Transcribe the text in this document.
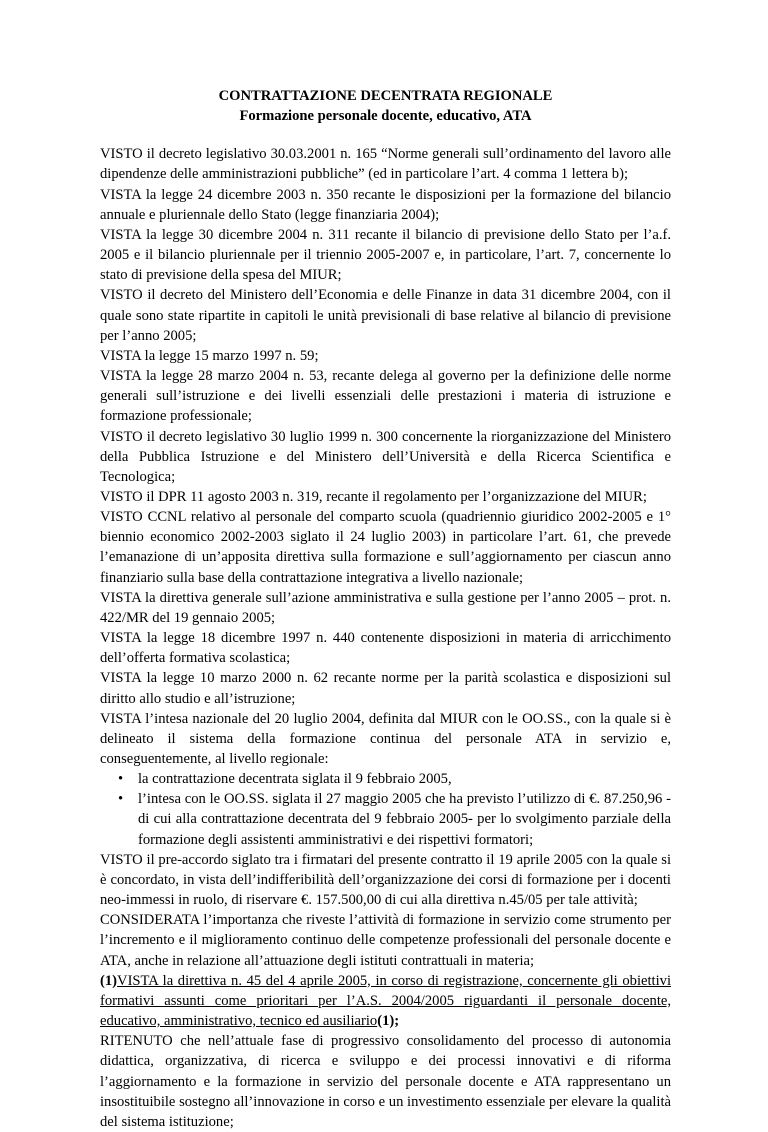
CONTRATTAZIONE DECENTRATA REGIONALE
Formazione personale docente, educativo, ATA

VISTO il decreto legislativo 30.03.2001 n. 165 “Norme generali sull’ordinamento del lavoro alle dipendenze delle amministrazioni pubbliche” (ed in particolare l’art. 4 comma 1 lettera b);

VISTA la legge 24 dicembre 2003 n. 350 recante le disposizioni per la formazione del bilancio annuale e pluriennale dello Stato (legge finanziaria 2004);

VISTA la legge 30 dicembre 2004 n. 311 recante il bilancio di previsione dello Stato per l’a.f. 2005 e il bilancio pluriennale per il triennio 2005-2007 e, in particolare, l’art. 7, concernente lo stato di previsione della spesa del MIUR;

VISTO il decreto del Ministero dell’Economia e delle Finanze in data 31 dicembre 2004, con il quale sono state ripartite in capitoli le unità previsionali di base relative al bilancio di previsione per l’anno 2005;

VISTA la legge 15 marzo 1997 n. 59;

VISTA la legge 28 marzo 2004 n. 53, recante delega al governo per la definizione delle norme generali sull’istruzione e dei livelli essenziali delle prestazioni i materia di istruzione e formazione professionale;

VISTO il decreto legislativo 30 luglio 1999 n. 300 concernente la riorganizzazione del Ministero della Pubblica Istruzione e del Ministero dell’Università e della Ricerca Scientifica e Tecnologica;

VISTO il DPR 11 agosto 2003 n. 319, recante il regolamento per l’organizzazione del MIUR;

VISTO CCNL relativo al personale del comparto scuola (quadriennio giuridico 2002-2005 e 1° biennio economico 2002-2003 siglato il 24 luglio 2003) in particolare l’art. 61, che prevede l’emanazione di un’apposita direttiva sulla formazione e sull’aggiornamento per ciascun anno finanziario sulla base della contrattazione integrativa a livello nazionale;

VISTA la direttiva generale sull’azione amministrativa e sulla gestione per l’anno 2005 – prot. n. 422/MR del 19 gennaio 2005;

VISTA la legge 18 dicembre 1997 n. 440 contenente disposizioni in materia di arricchimento dell’offerta formativa scolastica;

VISTA la legge 10 marzo 2000 n. 62 recante norme per la parità scolastica e disposizioni sul diritto allo studio e all’istruzione;

VISTA l’intesa nazionale del 20 luglio 2004, definita dal MIUR con le OO.SS., con la quale si è delineato il sistema della formazione continua del personale ATA in servizio e, conseguentemente, al livello regionale:

• la contrattazione decentrata siglata il 9 febbraio 2005,
• l’intesa con le OO.SS. siglata il 27 maggio 2005 che ha previsto l’utilizzo di €. 87.250,96 - di cui alla contrattazione decentrata del 9 febbraio 2005- per lo svolgimento parziale della formazione degli assistenti amministrativi e dei rispettivi formatori;

VISTO il pre-accordo siglato tra i firmatari del presente contratto il 19 aprile 2005 con la quale si è concordato, in vista dell’indifferibilità dell’organizzazione dei corsi di formazione per i docenti neo-immessi in ruolo, di riservare €. 157.500,00 di cui alla direttiva n.45/05 per tale attività;

CONSIDERATA l’importanza che riveste l’attività di formazione in servizio come strumento per l’incremento e il miglioramento continuo delle competenze professionali del personale docente e ATA, anche in relazione all’attuazione degli istituti contrattuali in materia;

(1)VISTA la direttiva n. 45 del 4 aprile 2005, in corso di registrazione, concernente gli obiettivi formativi assunti come prioritari per l’A.S. 2004/2005 riguardanti il personale docente, educativo, amministrativo, tecnico ed ausiliario(1);

RITENUTO che nell’attuale fase di progressivo consolidamento del processo di autonomia didattica, organizzativa, di ricerca e sviluppo e dei processi innovativi e di riforma l’aggiornamento e la formazione in servizio del personale docente e ATA rappresentano un insostituibile sostegno all’innovazione in corso e un investimento essenziale per elevare la qualità del sistema istituzione;
